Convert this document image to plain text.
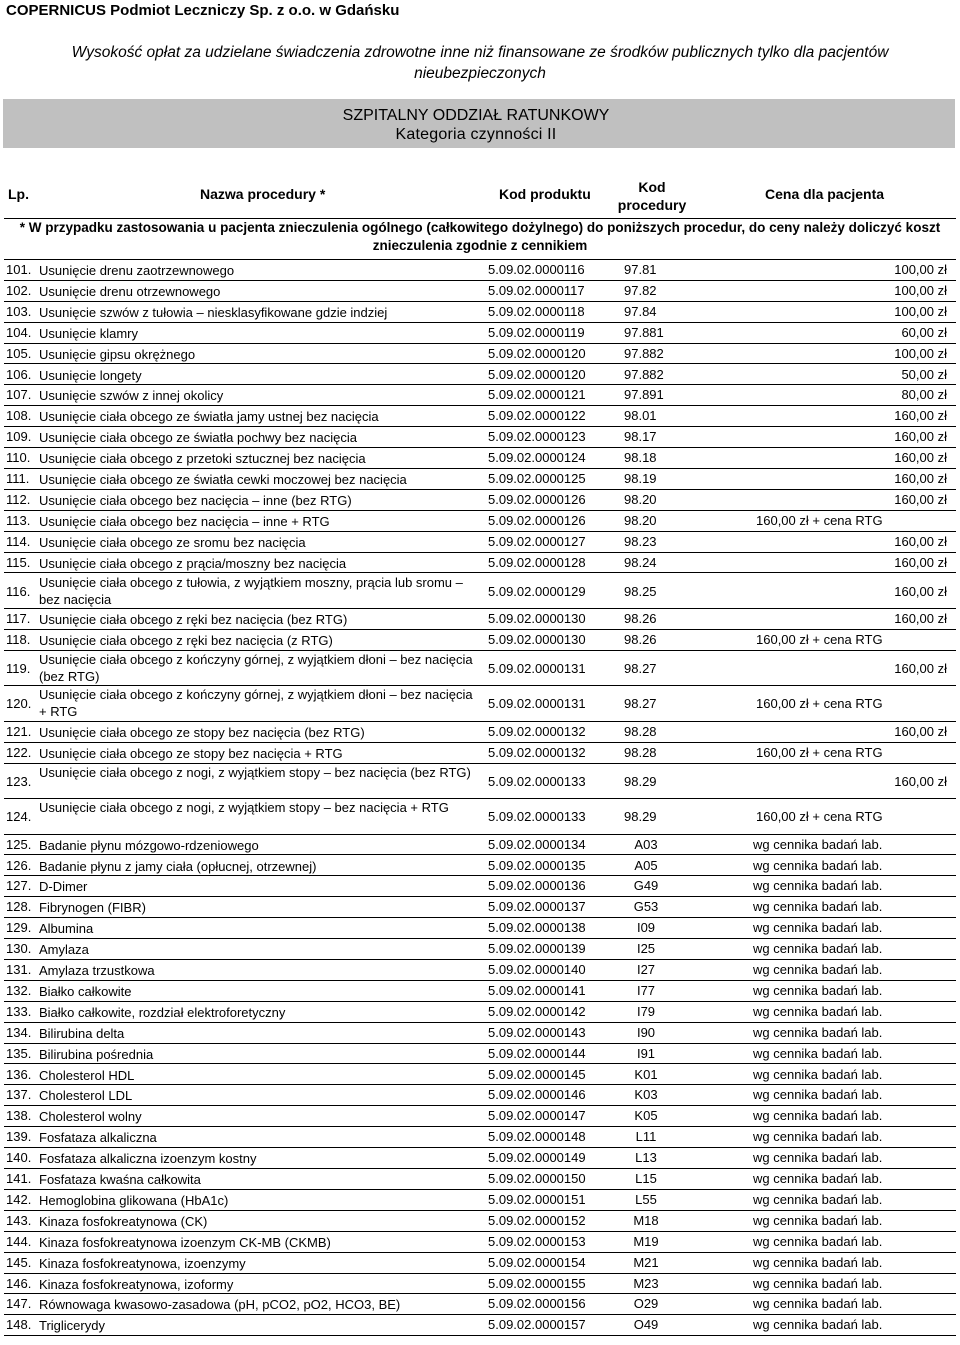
COPERNICUS Podmiot Leczniczy Sp. z o.o. w Gdańsku
Wysokość opłat za udzielane świadczenia zdrowotne inne niż finansowane ze środków publicznych tylko dla pacjentów
nieubezpieczonych
SZPITALNY ODDZIAŁ RATUNKOWY
Kategoria czynności II
Lp.	Nazwa procedury *	Kod produktu	Kod
procedury
Cena dla pacjenta
* W przypadku zastosowania u pacjenta znieczulenia ogólnego (całkowitego dożylnego) do poniższych procedur, do ceny należy doliczyć koszt
znieczulenia zgodnie z cennikiem
101. Usunięcie drenu zaotrzewnowego	5.09.02.0000116	97.81	100,00 zł
102. Usunięcie drenu otrzewnowego	5.09.02.0000117	97.82	100,00 zł
103. Usunięcie szwów z tułowia – niesklasyfikowane gdzie indziej	5.09.02.0000118	97.84	100,00 zł
104. Usunięcie klamry	5.09.02.0000119	97.881	60,00 zł
105. Usunięcie gipsu okrężnego	5.09.02.0000120	97.882	100,00 zł
106. Usunięcie longety	5.09.02.0000120	97.882	50,00 zł
107. Usunięcie szwów z innej okolicy	5.09.02.0000121	97.891	80,00 zł
108. Usunięcie ciała obcego ze światła jamy ustnej bez nacięcia	5.09.02.0000122	98.01	160,00 zł
109. Usunięcie ciała obcego ze światła pochwy bez nacięcia	5.09.02.0000123	98.17	160,00 zł
110. Usunięcie ciała obcego z przetoki sztucznej bez nacięcia	5.09.02.0000124	98.18	160,00 zł
111. Usunięcie ciała obcego ze światła cewki moczowej bez nacięcia	5.09.02.0000125	98.19	160,00 zł
112. Usunięcie ciała obcego bez nacięcia – inne (bez RTG)	5.09.02.0000126	98.20	160,00 zł
113. Usunięcie ciała obcego bez nacięcia – inne + RTG	5.09.02.0000126	98.20	160,00 zł + cena RTG
114. Usunięcie ciała obcego ze sromu bez nacięcia	5.09.02.0000127	98.23	160,00 zł
115. Usunięcie ciała obcego z prącia/moszny bez nacięcia	5.09.02.0000128	98.24	160,00 zł
116.
Usunięcie ciała obcego z tułowia, z wyjątkiem moszny, prącia lub sromu – bez nacięcia
5.09.02.0000129	98.25	160,00 zł
117. Usunięcie ciała obcego z ręki bez nacięcia (bez RTG)	5.09.02.0000130	98.26	160,00 zł
118. Usunięcie ciała obcego z ręki bez nacięcia (z RTG)	5.09.02.0000130	98.26	160,00 zł + cena RTG
119.
Usunięcie ciała obcego z kończyny górnej, z wyjątkiem dłoni – bez nacięcia (bez RTG)
5.09.02.0000131	98.27	160,00 zł
120.
Usunięcie ciała obcego z kończyny górnej, z wyjątkiem dłoni – bez nacięcia + RTG
5.09.02.0000131	98.27	160,00 zł + cena RTG
121. Usunięcie ciała obcego ze stopy bez nacięcia (bez RTG)	5.09.02.0000132	98.28	160,00 zł
122. Usunięcie ciała obcego ze stopy bez nacięcia + RTG	5.09.02.0000132	98.28	160,00 zł + cena RTG
123.
Usunięcie ciała obcego z nogi, z wyjątkiem stopy – bez nacięcia (bez RTG)
5.09.02.0000133	98.29	160,00 zł
124.
Usunięcie ciała obcego z nogi, z wyjątkiem stopy – bez nacięcia + RTG
5.09.02.0000133	98.29	160,00 zł + cena RTG
125. Badanie płynu mózgowo-rdzeniowego	5.09.02.0000134	A03	wg cennika badań lab.
126. Badanie płynu z jamy ciała (opłucnej, otrzewnej)	5.09.02.0000135	A05	wg cennika badań lab.
127. D-Dimer	5.09.02.0000136	G49	wg cennika badań lab.
128. Fibrynogen (FIBR)	5.09.02.0000137	G53	wg cennika badań lab.
129. Albumina	5.09.02.0000138	I09	wg cennika badań lab.
130. Amylaza	5.09.02.0000139	I25	wg cennika badań lab.
131. Amylaza trzustkowa	5.09.02.0000140	I27	wg cennika badań lab.
132. Białko całkowite	5.09.02.0000141	I77	wg cennika badań lab.
133. Białko całkowite, rozdział elektroforetyczny	5.09.02.0000142	I79	wg cennika badań lab.
134. Bilirubina delta	5.09.02.0000143	I90	wg cennika badań lab.
135. Bilirubina pośrednia	5.09.02.0000144	I91	wg cennika badań lab.
136. Cholesterol HDL	5.09.02.0000145	K01	wg cennika badań lab.
137. Cholesterol LDL	5.09.02.0000146	K03	wg cennika badań lab.
138. Cholesterol wolny	5.09.02.0000147	K05	wg cennika badań lab.
139. Fosfataza alkaliczna	5.09.02.0000148	L11	wg cennika badań lab.
140. Fosfataza alkaliczna izoenzym kostny	5.09.02.0000149	L13	wg cennika badań lab.
141. Fosfataza kwaśna całkowita	5.09.02.0000150	L15	wg cennika badań lab.
142. Hemoglobina glikowana (HbA1c)	5.09.02.0000151	L55	wg cennika badań lab.
143. Kinaza fosfokreatynowa (CK)	5.09.02.0000152	M18	wg cennika badań lab.
144. Kinaza fosfokreatynowa izoenzym CK-MB (CKMB)	5.09.02.0000153	M19	wg cennika badań lab.
145. Kinaza fosfokreatynowa, izoenzymy	5.09.02.0000154	M21	wg cennika badań lab.
146. Kinaza fosfokreatynowa, izoformy	5.09.02.0000155	M23	wg cennika badań lab.
147. Równowaga kwasowo-zasadowa (pH, pCO2, pO2, HCO3, BE)	5.09.02.0000156	O29	wg cennika badań lab.
148. Triglicerydy	5.09.02.0000157	O49	wg cennika badań lab.
